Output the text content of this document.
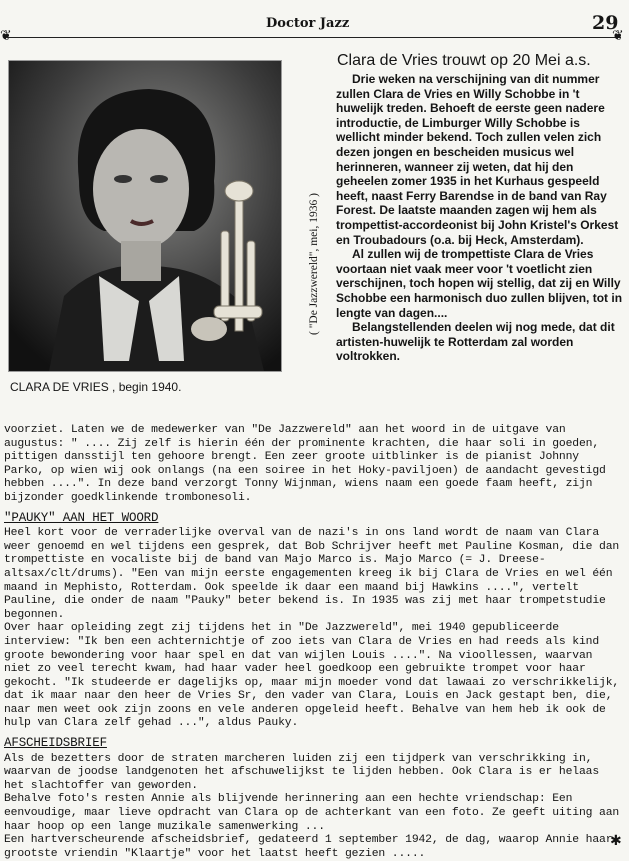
❦
Doctor Jazz	29
❦
CLARA DE VRIES , begin 1940.
( "De Jazzwereld", mei, 1936 )
Clara de Vries trouwt op 20 Mei a.s.

Drie weken na verschijning van dit nummer zullen Clara de Vries en Willy Schobbe in 't huwelijk treden. Behoeft de eerste geen nadere introductie, de Limburger Willy Schobbe is wellicht minder bekend. Toch zullen velen zich dezen jongen en bescheiden musicus wel herinneren, wanneer zij weten, dat hij den geheelen zomer 1935 in het Kurhaus gespeeld heeft, naast Ferry Barendse in de band van Ray Forest. De laatste maanden zagen wij hem als trompettist-accordeonist bij John Kristel's Orkest en Troubadours (o.a. bij Heck, Amsterdam).

Al zullen wij de trompettiste Clara de Vries voortaan niet vaak meer voor 't voetlicht zien verschijnen, toch hopen wij stellig, dat zij en Willy Schobbe een harmonisch duo zullen blijven, tot in lengte van dagen....

Belangstellenden deelen wij nog mede, dat dit artisten-huwelijk te Rotterdam zal worden voltrokken.

voorziet. Laten we de medewerker van "De Jazzwereld" aan het woord in de uitgave van augustus: " .... Zij zelf is hierin één der prominente krachten, die haar soli in goeden, pittigen dansstijl ten gehoore brengt. Een zeer groote uitblinker is de pianist Johnny Parko, op wien wij ook onlangs (na een soiree in het Hoky-paviljoen) de aandacht gevestigd hebben ....". In deze band verzorgt Tonny Wijnman, wiens naam een goede faam heeft, zijn bijzonder goedklinkende trombonesoli.

"PAUKY" AAN HET WOORD

Heel kort voor de verraderlijke overval van de nazi's in ons land wordt de naam van Clara weer genoemd en wel tijdens een gesprek, dat Bob Schrijver heeft met Pauline Kosman, die dan trompettiste en vocaliste bij de band van Majo Marco is. Majo Marco (= J. Dreese- altsax/clt/drums). "Een van mijn eerste engagementen kreeg ik bij Clara de Vries en wel één maand in Mephisto, Rotterdam. Ook speelde ik daar een maand bij Hawkins ....", vertelt Pauline, die onder de naam "Pauky" beter bekend is. In 1935 was zij met haar trompetstudie begonnen.

Over haar opleiding zegt zij tijdens het in "De Jazzwereld", mei 1940 gepubliceerde interview: "Ik ben een achternichtje of zoo iets van Clara de Vries en had reeds als kind groote bewondering voor haar spel en dat van wijlen Louis ....". Na vioollessen, waarvan niet zo veel terecht kwam, had haar vader heel goedkoop een gebruikte trompet voor haar gekocht. "Ik studeerde er dagelijks op, maar mijn moeder vond dat lawaai zo verschrikkelijk, dat ik maar naar den heer de Vries Sr, den vader van Clara, Louis en Jack gestapt ben, die, naar men weet ook zijn zoons en vele anderen opgeleid heeft. Behalve van hem heb ik ook de hulp van Clara zelf gehad ...", aldus Pauky.

AFSCHEIDSBRIEF

Als de bezetters door de straten marcheren luiden zij een tijdperk van verschrikking in, waarvan de joodse landgenoten het afschuwelijkst te lijden hebben. Ook Clara is er helaas het slachtoffer van geworden.

Behalve foto's resten Annie als blijvende herinnering aan een hechte vriendschap: Een eenvoudige, maar lieve opdracht van Clara op de achterkant van een foto. Ze geeft uiting aan haar hoop op een lange muzikale samenwerking ...

Een hartverscheurende afscheidsbrief, gedateerd 1 september 1942, de dag, waarop Annie haar grootste vriendin "Klaartje" voor het laatst heeft gezien .....

✱
